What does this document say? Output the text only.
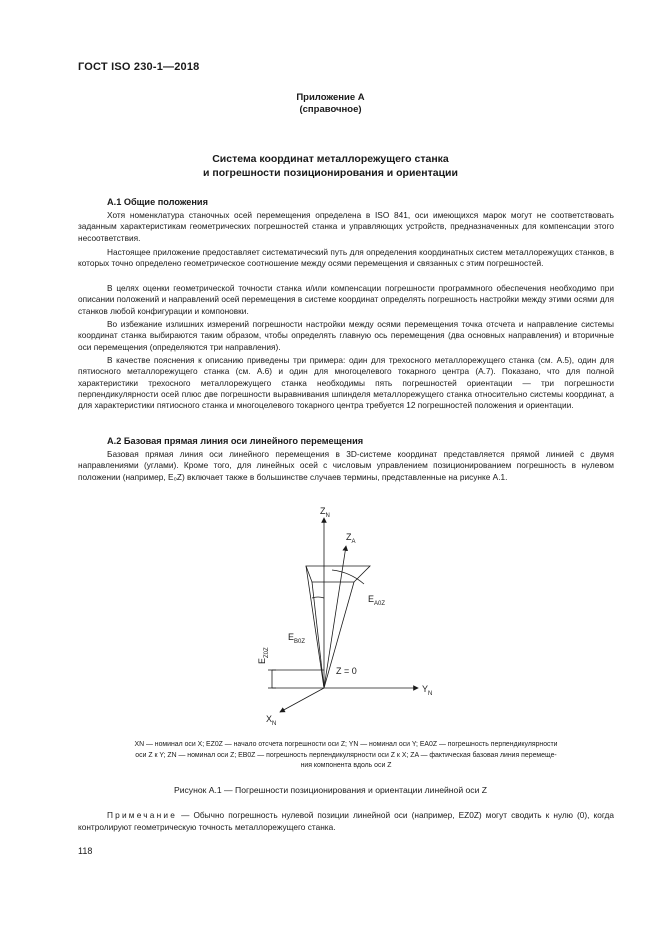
ГОСТ ISO 230-1—2018
Приложение А
(справочное)
Система координат металлорежущего станка
и погрешности позиционирования и ориентации
А.1 Общие положения

Хотя номенклатура станочных осей перемещения определена в ISO 841, оси имеющихся марок могут не соответствовать заданным характеристикам геометрических погрешностей станка и управляющих устройств, предназначенных для компенсации этого несоответствия.

Настоящее приложение предоставляет систематический путь для определения координатных систем металлорежущих станков, в которых точно определено геометрическое соотношение между осями перемещения и связанных с этим погрешностей.

В целях оценки геометрической точности станка и/или компенсации погрешности программного обеспечения необходимо при описании положений и направлений осей перемещения в системе координат определять погрешность настройки между этими осями для станков любой конфигурации и компоновки.

Во избежание излишних измерений погрешности настройки между осями перемещения точка отсчета и направление системы координат станка выбираются таким образом, чтобы определять главную ось перемещения (два основных направления) и вторичные оси перемещения (определяются три направления).

В качестве пояснения к описанию приведены три примера: один для трехосного металлорежущего станка (см. А.5), один для пятиосного металлорежущего станка (см. А.6) и один для многоцелевого токарного центра (А.7). Показано, что для полной характеристики трехосного металлорежущего станка необходимы пять погрешностей ориентации — три погрешности перпендикулярности осей плюс две погрешности выравнивания шпинделя металлорежущего станка относительно системы координат, а для характеристики пятиосного станка и многоцелевого токарного центра требуется 12 погрешностей положения и ориентации.

А.2 Базовая прямая линия оси линейного перемещения

Базовая прямая линия оси линейного перемещения в 3D-системе координат представляется прямой линией с двумя направлениями (углами). Кроме того, для линейных осей с числовым управлением позиционированием погрешность в нулевом положении (например, E₀Z) включает также в большинстве случаев термины, представленные на рисунке А.1.

$Z_N$
$Z_A$
$E_{A0Z}$
$E_{B0Z}$
$E_{Z0Z}$
Z = 0
$Y_N$
$X_N$
XN — номинал оси X; EZ0Z — начало отсчета погрешности оси Z; YN — номинал оси Y; EA0Z — погрешность перпендикулярности
оси Z к Y; ZN — номинал оси Z; EB0Z — погрешность перпендикулярности оси Z к X; ZA — фактическая базовая линия перемеще-
ния компонента вдоль оси Z
Рисунок А.1 — Погрешности позиционирования и ориентации линейной оси Z

Примечание — Обычно погрешность нулевой позиции линейной оси (например, EZ0Z) могут сводить к нулю (0), когда контролируют геометрическую точность металлорежущего станка.

118
